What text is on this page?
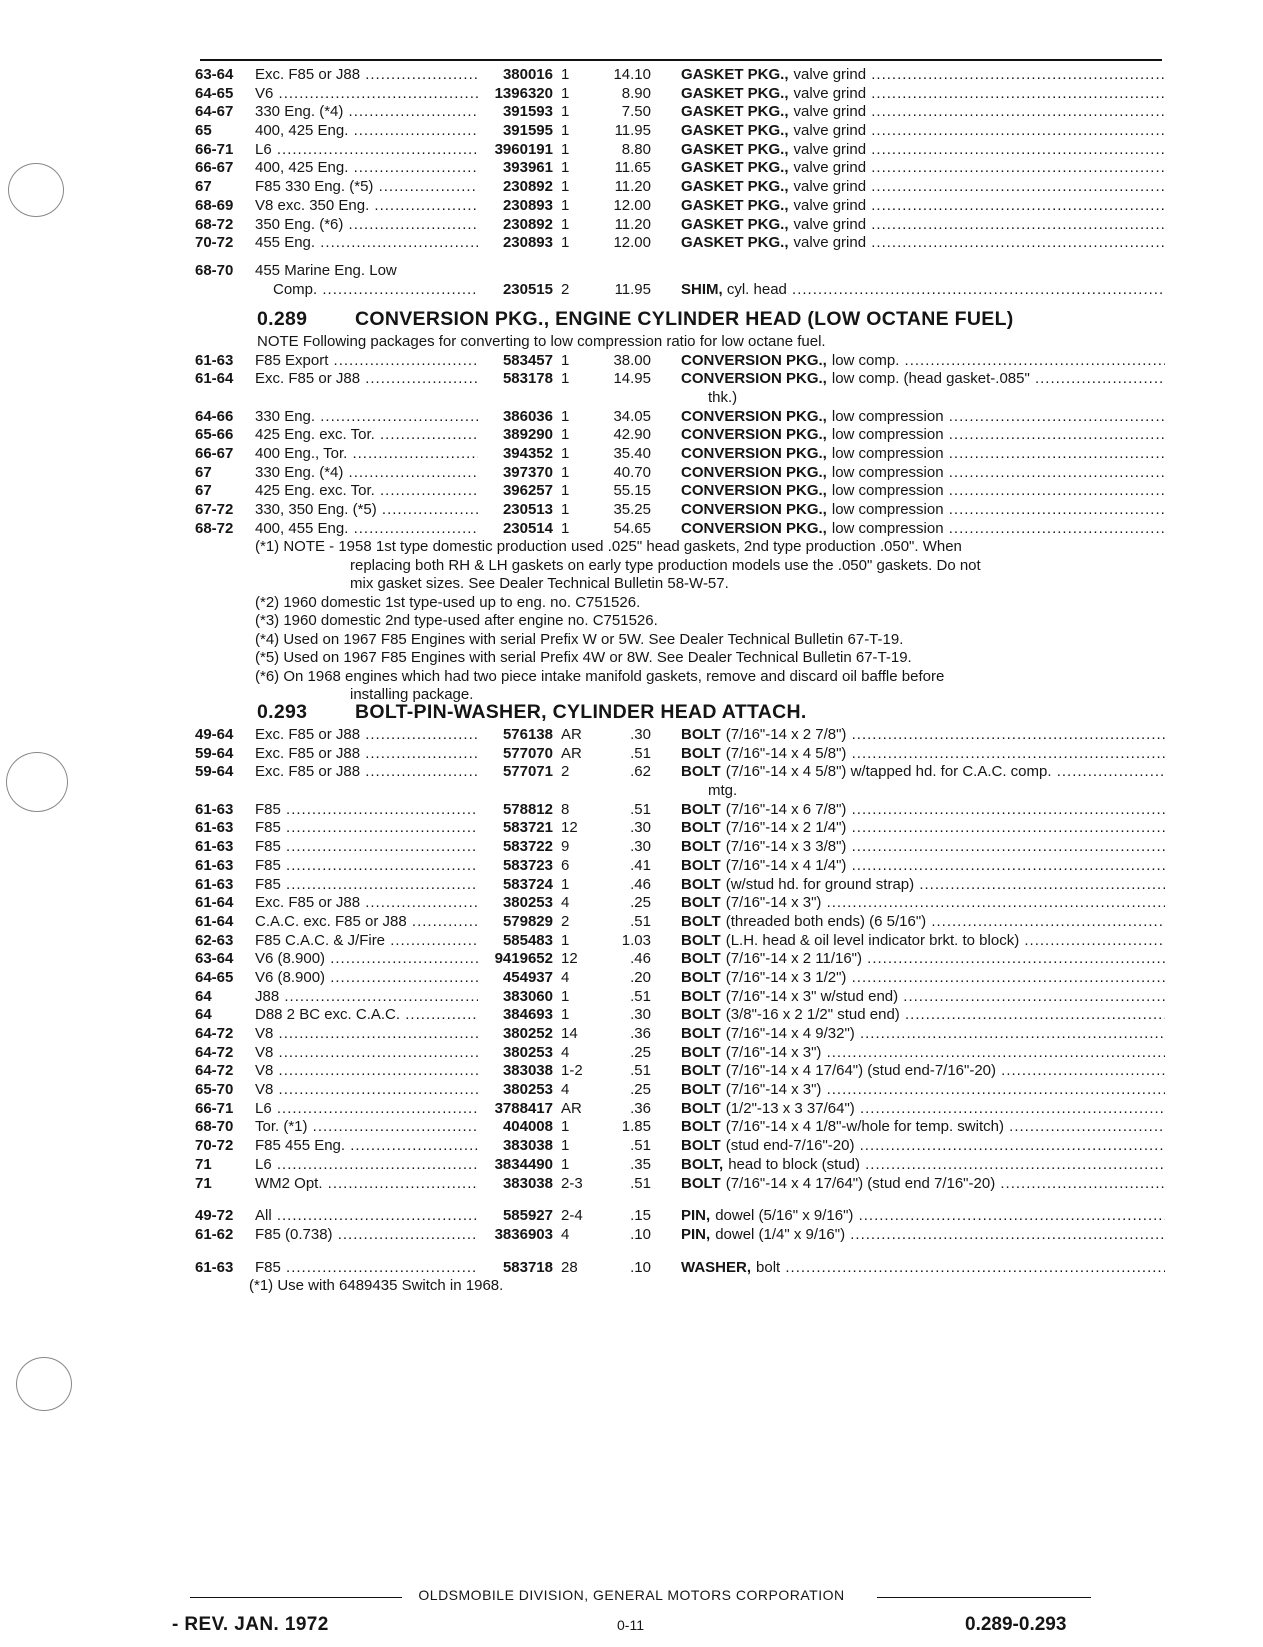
63-64	Exc. F85 or J88 .....	380016 1	14.10	GASKET PKG., valve grind .....
64-65	V6 .....	1396320 1	8.90	GASKET PKG., valve grind .....
64-67	330 Eng. (*4) .....	391593 1	7.50	GASKET PKG., valve grind .....
65	400, 425 Eng. .....	391595 1	11.95	GASKET PKG., valve grind .....
66-71	L6 .....	3960191 1	8.80	GASKET PKG., valve grind .....
66-67	400, 425 Eng. .....	393961 1	11.65	GASKET PKG., valve grind .....
67	F85 330 Eng. (*5) .....	230892 1	11.20	GASKET PKG., valve grind .....
68-69	V8 exc. 350 Eng. .....	230893 1	12.00	GASKET PKG., valve grind .....
68-72	350 Eng. (*6) .....	230892 1	11.20	GASKET PKG., valve grind .....
70-72	455 Eng. .....	230893 1	12.00	GASKET PKG., valve grind .....
68-70	455 Marine Eng. Low
Comp. .....	230515 2	11.95	SHIM, cyl. head .....
0.289 CONVERSION PKG., ENGINE CYLINDER HEAD (LOW OCTANE FUEL)
NOTE Following packages for converting to low compression ratio for low octane fuel.
61-63	F85 Export .....	583457 1	38.00	CONVERSION PKG., low comp. .....
61-64	Exc. F85 or J88 .....	583178 1	14.95	CONVERSION PKG., low comp. (head gasket-.085" .....
thk.)
64-66	330 Eng. .....	386036 1	34.05	CONVERSION PKG., low compression .....
65-66	425 Eng. exc. Tor. .....	389290 1	42.90	CONVERSION PKG., low compression .....
66-67	400 Eng., Tor. .....	394352 1	35.40	CONVERSION PKG., low compression .....
67	330 Eng. (*4) .....	397370 1	40.70	CONVERSION PKG., low compression .....
67	425 Eng. exc. Tor. .....	396257 1	55.15	CONVERSION PKG., low compression .....
67-72	330, 350 Eng. (*5) .....	230513 1	35.25	CONVERSION PKG., low compression .....
68-72	400, 455 Eng. .....	230514 1	54.65	CONVERSION PKG., low compression .....
(*1) NOTE - 1958 1st type domestic production used .025" head gaskets, 2nd type production .050". When
replacing both RH & LH gaskets on early type production models use the .050" gaskets. Do not
mix gasket sizes. See Dealer Technical Bulletin 58-W-57.
(*2) 1960 domestic 1st type-used up to eng. no. C751526.
(*3) 1960 domestic 2nd type-used after engine no. C751526.
(*4) Used on 1967 F85 Engines with serial Prefix W or 5W. See Dealer Technical Bulletin 67-T-19.
(*5) Used on 1967 F85 Engines with serial Prefix 4W or 8W. See Dealer Technical Bulletin 67-T-19.
(*6) On 1968 engines which had two piece intake manifold gaskets, remove and discard oil baffle before
installing package.
0.293 BOLT-PIN-WASHER, CYLINDER HEAD ATTACH.
49-64	Exc. F85 or J88 .....	576138 AR	.30	BOLT (7/16"-14 x 2 7/8") .....
59-64	Exc. F85 or J88 .....	577070 AR	.51	BOLT (7/16"-14 x 4 5/8") .....
59-64	Exc. F85 or J88 .....	577071 2	.62	BOLT (7/16"-14 x 4 5/8") w/tapped hd. for C.A.C. comp. .....
mtg.
61-63	F85 .....	578812 8	.51	BOLT (7/16"-14 x 6 7/8") .....
61-63	F85 .....	583721 12	.30	BOLT (7/16"-14 x 2 1/4") .....
61-63	F85 .....	583722 9	.30	BOLT (7/16"-14 x 3 3/8") .....
61-63	F85 .....	583723 6	.41	BOLT (7/16"-14 x 4 1/4") .....
61-63	F85 .....	583724 1	.46	BOLT (w/stud hd. for ground strap) .....
61-64	Exc. F85 or J88 .....	380253 4	.25	BOLT (7/16"-14 x 3") .....
61-64	C.A.C. exc. F85 or J88 .....	579829 2	.51	BOLT (threaded both ends) (6 5/16") .....
62-63	F85 C.A.C. & J/Fire .....	585483 1	1.03	BOLT (L.H. head & oil level indicator brkt. to block) .....
63-64	V6 (8.900) .....	9419652 12	.46	BOLT (7/16"-14 x 2 11/16") .....
64-65	V6 (8.900) .....	454937 4	.20	BOLT (7/16"-14 x 3 1/2") .....
64	J88 .....	383060 1	.51	BOLT (7/16"-14 x 3" w/stud end) .....
64	D88 2 BC exc. C.A.C. .....	384693 1	.30	BOLT (3/8"-16 x 2 1/2" stud end) .....
64-72	V8 .....	380252 14	.36	BOLT (7/16"-14 x 4 9/32") .....
64-72	V8 .....	380253 4	.25	BOLT (7/16"-14 x 3") .....
64-72	V8 .....	383038 1-2	.51	BOLT (7/16"-14 x 4 17/64") (stud end-7/16"-20) .....
65-70	V8 .....	380253 4	.25	BOLT (7/16"-14 x 3") .....
66-71	L6 .....	3788417 AR	.36	BOLT (1/2"-13 x 3 37/64") .....
68-70	Tor. (*1) .....	404008 1	1.85	BOLT (7/16"-14 x 4 1/8"-w/hole for temp. switch) .....
70-72	F85 455 Eng. .....	383038 1	.51	BOLT (stud end-7/16"-20) .....
71	L6 .....	3834490 1	.35	BOLT, head to block (stud) .....
71	WM2 Opt. .....	383038 2-3	.51	BOLT (7/16"-14 x 4 17/64") (stud end 7/16"-20) .....
49-72	All .....	585927 2-4	.15	PIN, dowel (5/16" x 9/16") .....
61-62	F85 (0.738) .....	3836903 4	.10	PIN, dowel (1/4" x 9/16") .....
61-63	F85 .....	583718 28	.10	WASHER, bolt .....
(*1) Use with 6489435 Switch in 1968.
OLDSMOBILE DIVISION, GENERAL MOTORS CORPORATION
- REV. JAN. 1972	0-11	0.289-0.293
